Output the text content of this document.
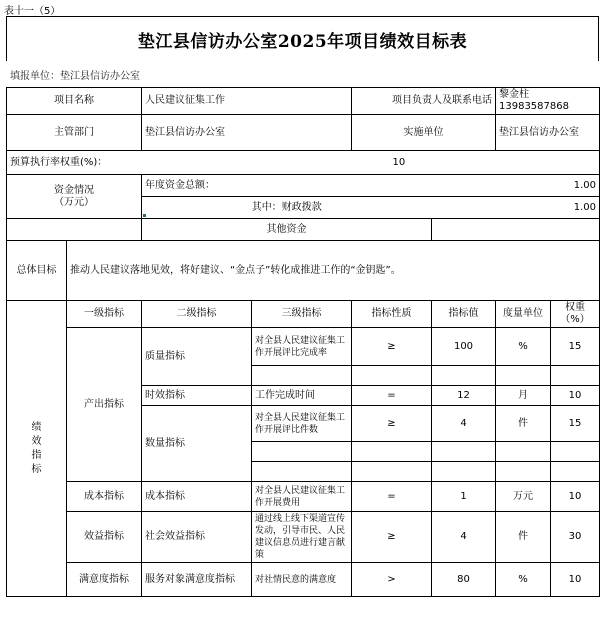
表十一（5）
垫江县信访办公室2025年项目绩效目标表
填报单位：垫江县信访办公室
项目名称		人民建议征集工作		项目负责人及联系电话		黎金柱13983587868	
主管部门		垫江县信访办公室		实施单位		垫江县信访办公室	
预算执行率权重(%)：				10			

资金情况
（万元）		年度资金总额：			1.00		
		其中：财政拨款			1.00		
		其他资金					
总体目标	推动人民建议落地见效，将好建议、“金点子”转化成推进工作的“金钥匙”。						

绩效指标	一级指标	二级指标	三级指标	指标性质	指标值	度量单位	权重（%）
	产出指标	质量指标	对全县人民建议征集工作开展评比完成率	≥	100	%	15

		时效指标	工作完成时间	=	12	月	10
		数量指标	对全县人民建议征集工作开展评比件数	≥	4	件	15

	成本指标	成本指标	对全县人民建议征集工作开展费用	=	1	万元	10
	效益指标	社会效益指标	通过线上线下渠道宣传发动，引导市民、人民建议信息员进行建言献策	≥	4	件	30
	满意度指标	服务对象满意度指标	对社情民意的满意度	>	80	%	10
